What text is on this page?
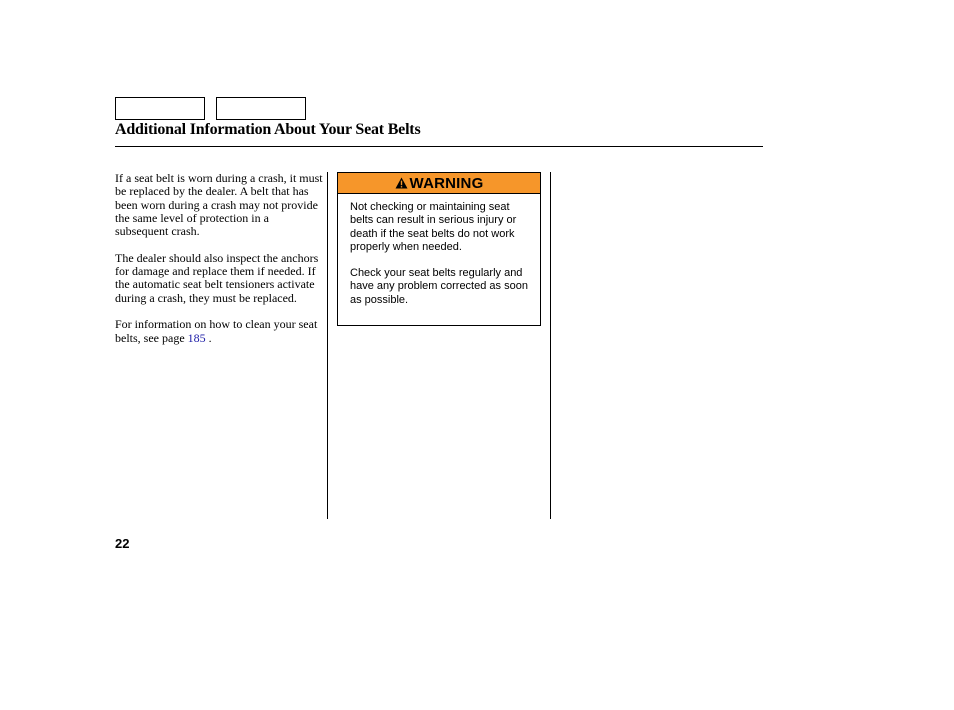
Additional Information About Your Seat Belts

If a seat belt is worn during a crash, it must be replaced by the dealer. A belt that has been worn during a crash may not provide the same level of protection in a subsequent crash.

The dealer should also inspect the anchors for damage and replace them if needed. If the automatic seat belt tensioners activate during a crash, they must be replaced.

For information on how to clean your seat belts, see page 185 .

WARNING

Not checking or maintaining seat belts can result in serious injury or death if the seat belts do not work properly when needed.

Check your seat belts regularly and have any problem corrected as soon as possible.

22
